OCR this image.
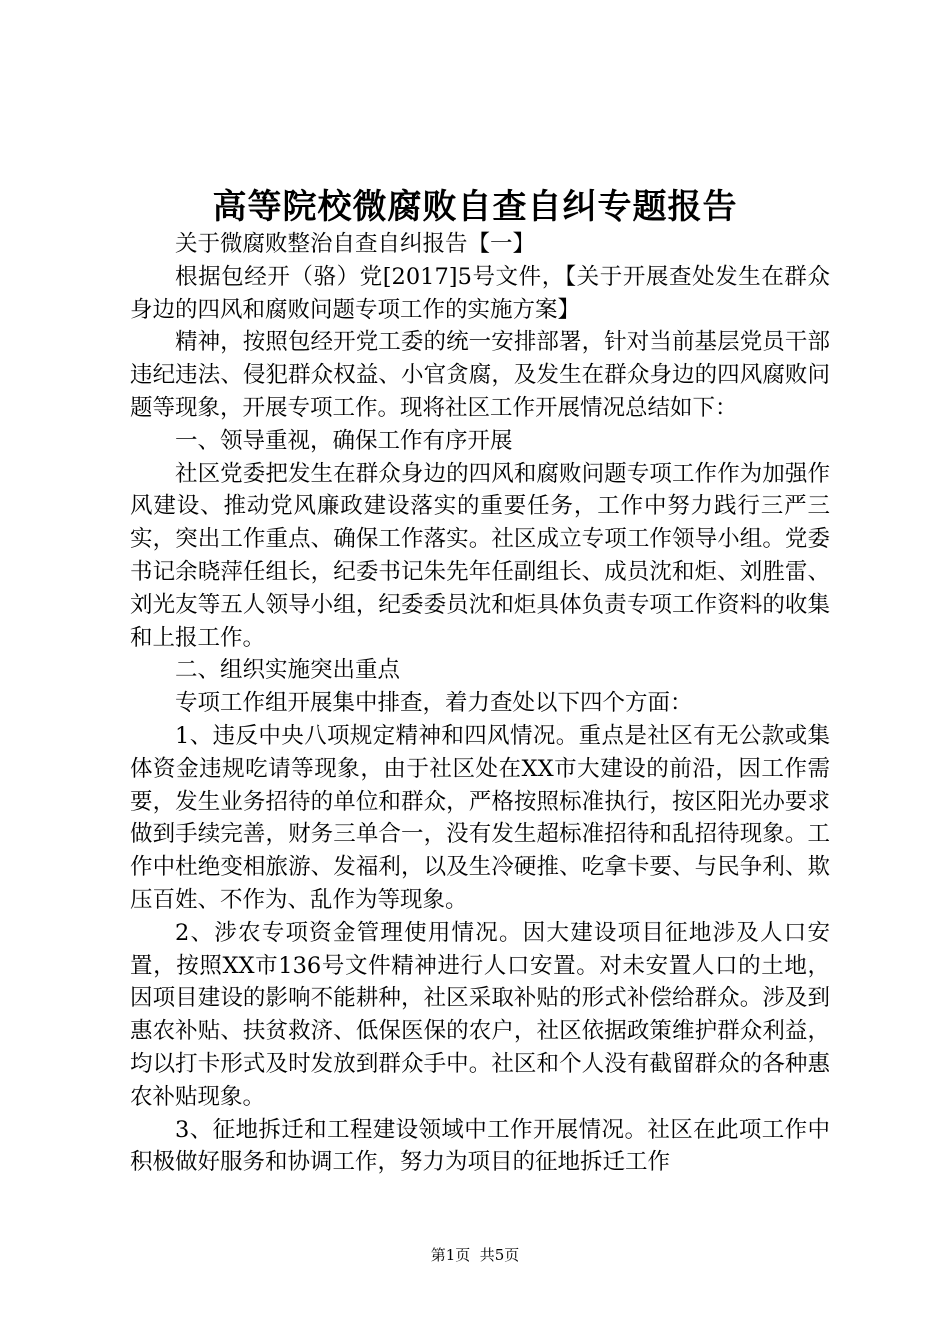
高等院校微腐败自查自纠专题报告

关于微腐败整治自查自纠报告【一】

根据包经开（骆）党[2017]5号文件，【关于开展查处发生在群众身边的四风和腐败问题专项工作的实施方案】

精神，按照包经开党工委的统一安排部署，针对当前基层党员干部违纪违法、侵犯群众权益、小官贪腐，及发生在群众身边的四风腐败问题等现象，开展专项工作。现将社区工作开展情况总结如下：

一、领导重视，确保工作有序开展

社区党委把发生在群众身边的四风和腐败问题专项工作作为加强作风建设、推动党风廉政建设落实的重要任务，工作中努力践行三严三实，突出工作重点、确保工作落实。社区成立专项工作领导小组。党委书记余晓萍任组长，纪委书记朱先年任副组长、成员沈和炬、刘胜雷、刘光友等五人领导小组，纪委委员沈和炬具体负责专项工作资料的收集和上报工作。

二、组织实施突出重点

专项工作组开展集中排查，着力查处以下四个方面：

1、违反中央八项规定精神和四风情况。重点是社区有无公款或集体资金违规吃请等现象，由于社区处在XX市大建设的前沿，因工作需要，发生业务招待的单位和群众，严格按照标准执行，按区阳光办要求做到手续完善，财务三单合一，没有发生超标准招待和乱招待现象。工作中杜绝变相旅游、发福利，以及生冷硬推、吃拿卡要、与民争利、欺压百姓、不作为、乱作为等现象。

2、涉农专项资金管理使用情况。因大建设项目征地涉及人口安置，按照XX市136号文件精神进行人口安置。对未安置人口的土地，因项目建设的影响不能耕种，社区采取补贴的形式补偿给群众。涉及到惠农补贴、扶贫救济、低保医保的农户，社区依据政策维护群众利益，均以打卡形式及时发放到群众手中。社区和个人没有截留群众的各种惠农补贴现象。

3、征地拆迁和工程建设领域中工作开展情况。社区在此项工作中积极做好服务和协调工作，努力为项目的征地拆迁工作

第1页  共5页
